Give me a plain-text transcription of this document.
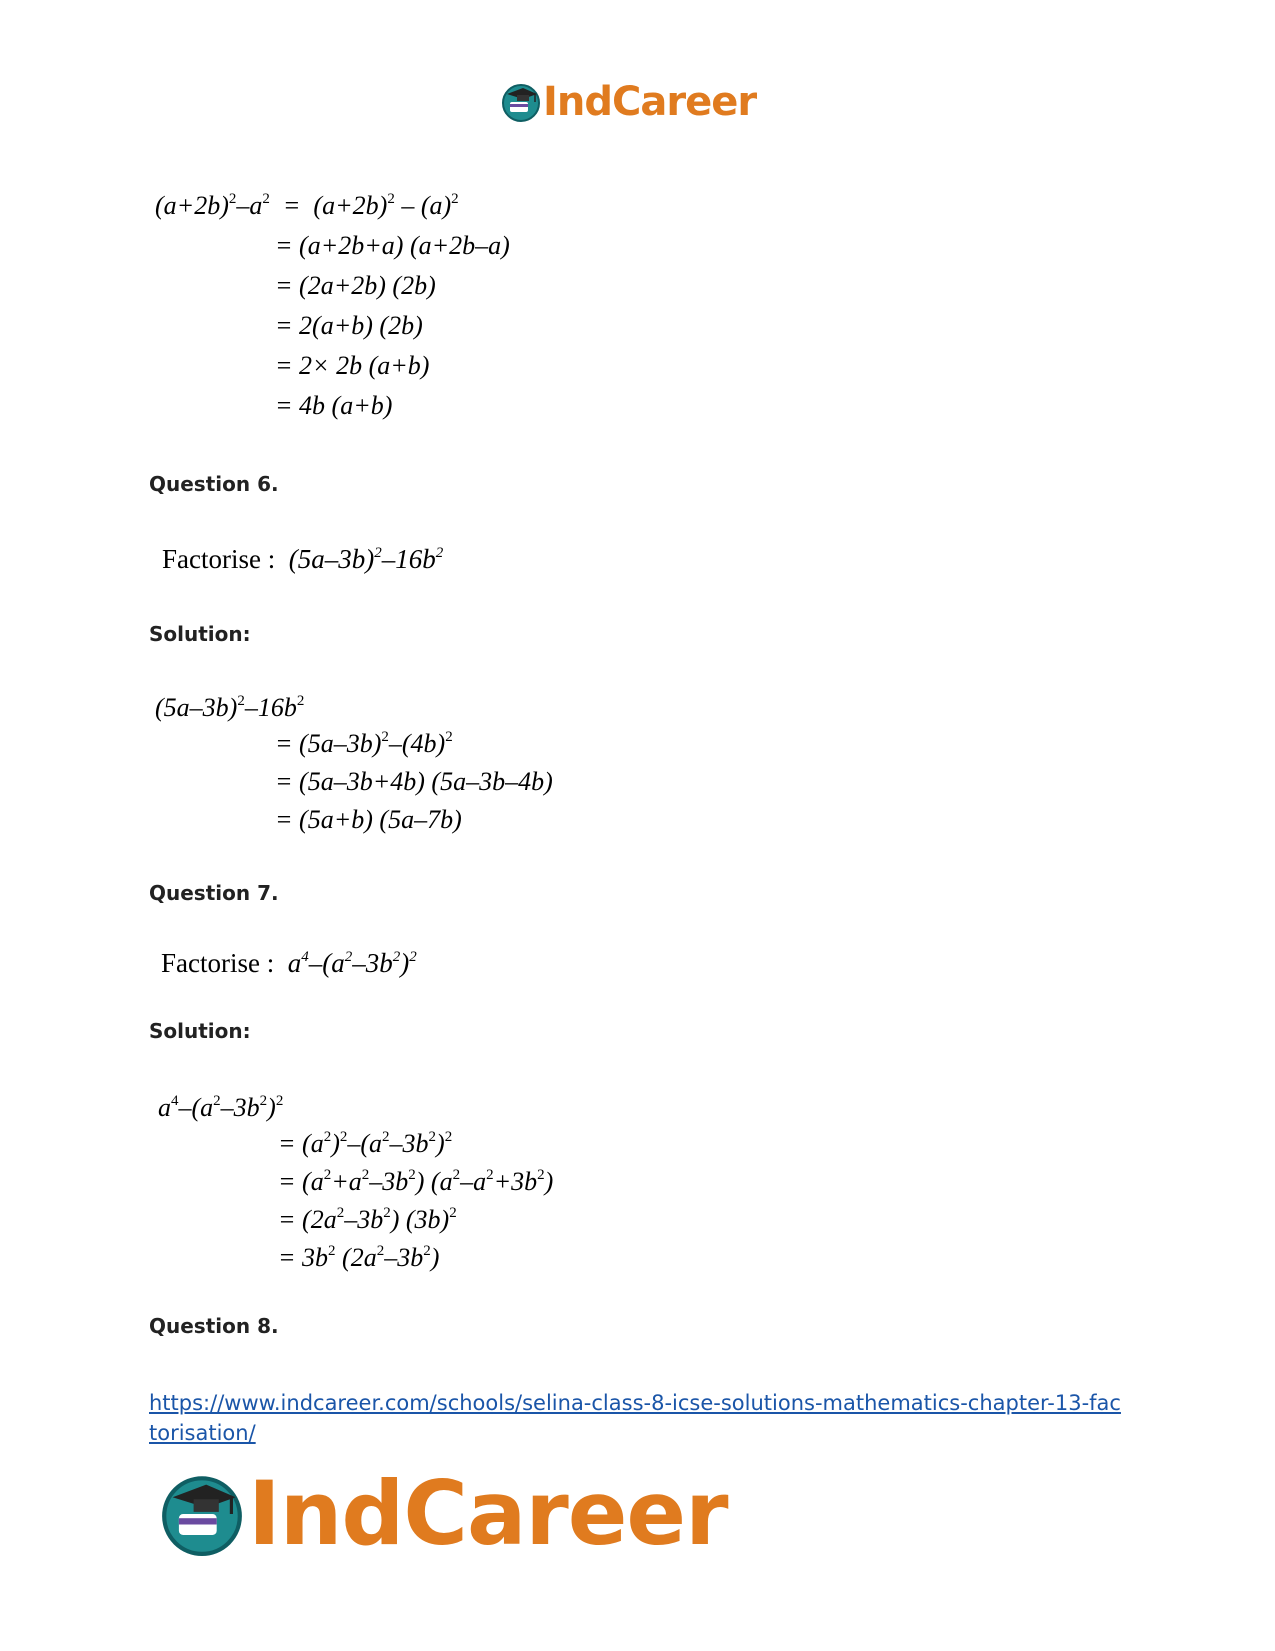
IndCareer
$(a+2b)^2-a^2 = (a+2b)^2 - (a)^2$
= (a+2b+a) (a+2b–a)
= (2a+2b) (2b)
= 2(a+b) (2b)
= 2× 2b (a+b)
= 4b (a+b)
Question 6.
Factorise : $(5a-3b)^2-16b^2$
Solution:
$(5a-3b)^2-16b^2$
= $(5a-3b)^2-(4b)^2$
= (5a–3b+4b) (5a–3b–4b)
= (5a+b) (5a–7b)
Question 7.
Factorise : $a^4-(a^2-3b^2)^2$
Solution:
$a^4-(a^2-3b^2)^2$
= $(a^2)^2-(a^2-3b^2)^2$
= $(a^2+a^2-3b^2)$ $(a^2-a^2+3b^2)$
= $(2a^2-3b^2)$ $(3b)^2$
= $3b^2$ $(2a^2-3b^2)$
Question 8.
https://www.indcareer.com/schools/selina-class-8-icse-solutions-mathematics-chapter-13-factorisation/
IndCareer
